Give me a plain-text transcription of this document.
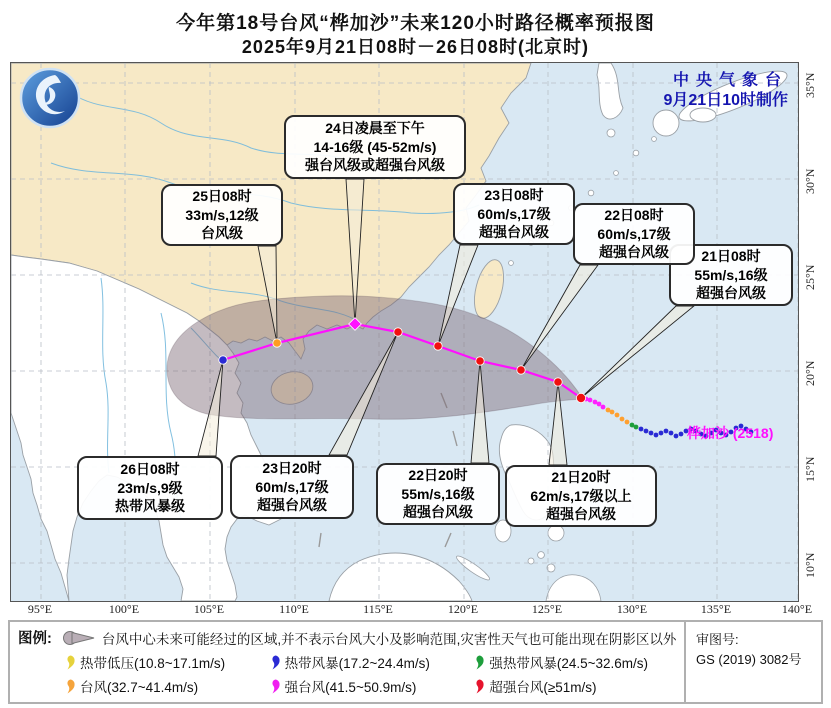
今年第18号台风“桦加沙”未来120小时路径概率预报图
2025年9月21日08时－26日08时(北京时)
中央气象台
9月21日10时制作
桦加沙 (2518)
21日08时
55m/s,16级
超强台风级
22日08时
60m/s,17级
超强台风级
23日08时
60m/s,17级
超强台风级
24日凌晨至下午
14-16级 (45-52m/s)
强台风级或超强台风级
25日08时
33m/s,12级
台风级
26日08时
23m/s,9级
热带风暴级
23日20时
60m/s,17级
超强台风级
22日20时
55m/s,16级
超强台风级
21日20时
62m/s,17级以上
超强台风级
95°E	100°E	105°E	110°E	115°E	120°E	125°E	130°E	135°E	140°E
35°N
30°N
25°N
20°N
15°N
10°N
图例:	台风中心未来可能经过的区域,并不表示台风大小及影响范围,灾害性天气也可能出现在阴影区以外
热带低压(10.8~17.1m/s)	热带风暴(17.2~24.4m/s)	强热带风暴(24.5~32.6m/s)
台风(32.7~41.4m/s)	强台风(41.5~50.9m/s)	超强台风(≥51m/s)
审图号:
GS (2019) 3082号
